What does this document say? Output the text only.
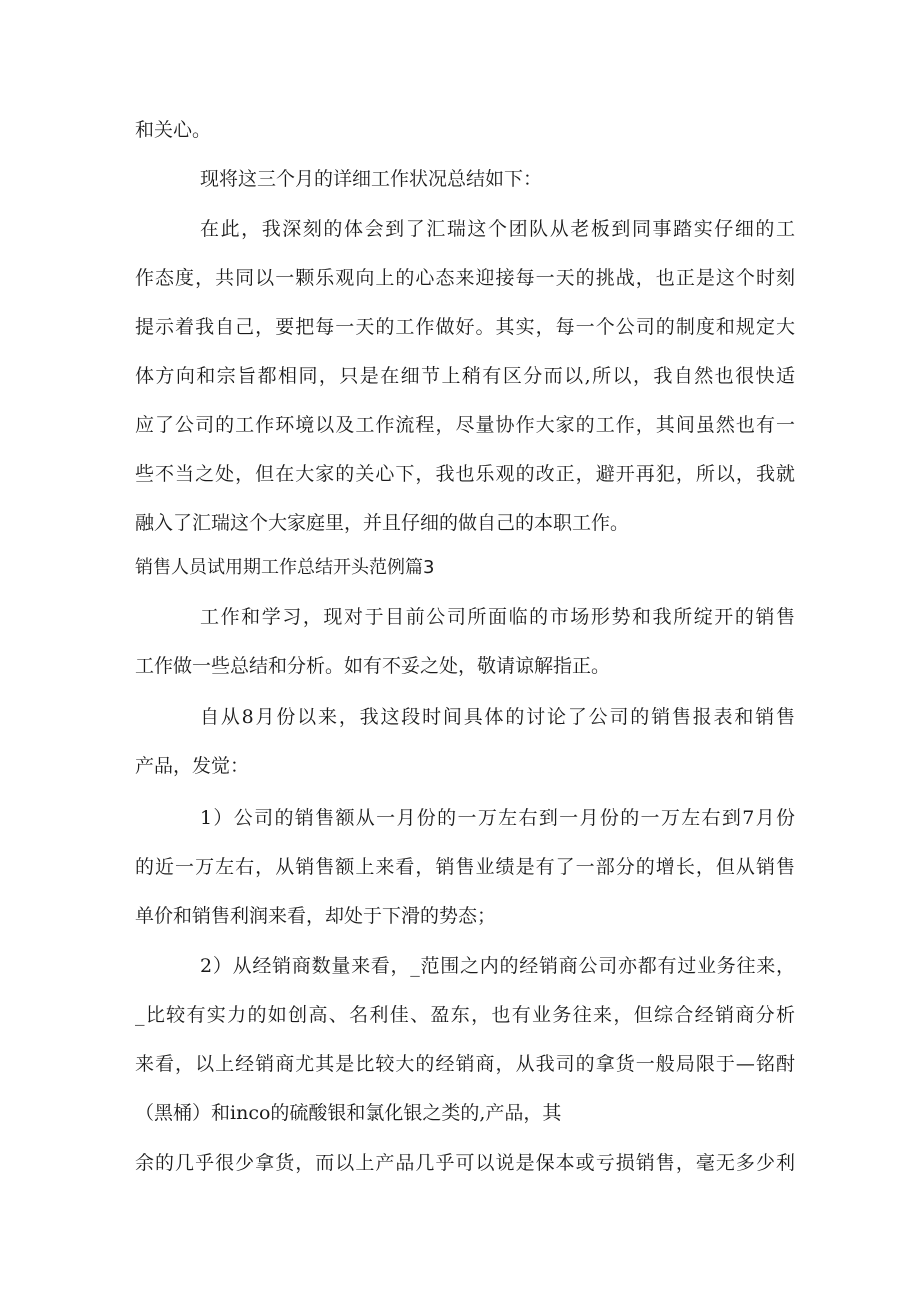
和关心。
现将这三个月的详细工作状况总结如下：
在此，我深刻的体会到了汇瑞这个团队从老板到同事踏实仔细的工
作态度，共同以一颗乐观向上的心态来迎接每一天的挑战，也正是这个时刻
提示着我自己，要把每一天的工作做好。其实，每一个公司的制度和规定大
体方向和宗旨都相同，只是在细节上稍有区分而以,所以，我自然也很快适
应了公司的工作环境以及工作流程，尽量协作大家的工作，其间虽然也有一
些不当之处，但在大家的关心下，我也乐观的改正，避开再犯，所以，我就
融入了汇瑞这个大家庭里，并且仔细的做自己的本职工作。
销售人员试用期工作总结开头范例篇3
工作和学习，现对于目前公司所面临的市场形势和我所绽开的销售
工作做一些总结和分析。如有不妥之处，敬请谅解指正。
自从8月份以来，我这段时间具体的讨论了公司的销售报表和销售
产品，发觉：
1）公司的销售额从一月份的一万左右到一月份的一万左右到7月份
的近一万左右，从销售额上来看，销售业绩是有了一部分的增长，但从销售
单价和销售利润来看，却处于下滑的势态；
2）从经销商数量来看，_范围之内的经销商公司亦都有过业务往来，
_比较有实力的如创高、名利佳、盈东，也有业务往来，但综合经销商分析
来看，以上经销商尤其是比较大的经销商，从我司的拿货一般局限于—铭酎
（黑桶）和inco的硫酸银和氯化银之类的,产品，其
余的几乎很少拿货，而以上产品几乎可以说是保本或亏损销售，毫无多少利
